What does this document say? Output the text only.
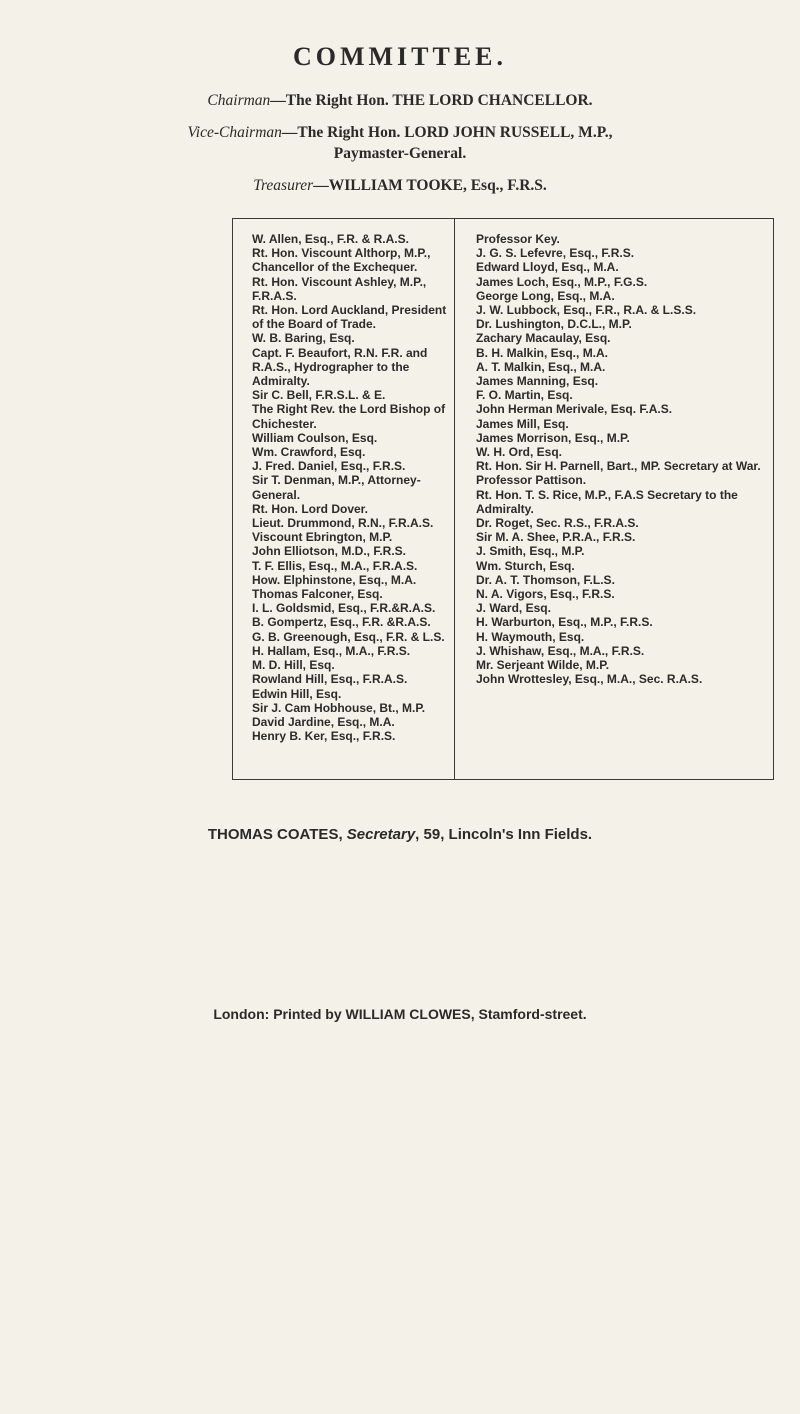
COMMITTEE.
Chairman—The Right Hon. THE LORD CHANCELLOR.
Vice-Chairman—The Right Hon. LORD JOHN RUSSELL, M.P.,
Paymaster-General.
Treasurer—WILLIAM TOOKE, Esq., F.R.S.

W. Allen, Esq., F.R. & R.A.S.

Rt. Hon. Viscount Althorp, M.P., Chancellor of the Exchequer.

Rt. Hon. Viscount Ashley, M.P., F.R.A.S.

Rt. Hon. Lord Auckland, President of the Board of Trade.

W. B. Baring, Esq.

Capt. F. Beaufort, R.N. F.R. and R.A.S., Hydrographer to the Admiralty.

Sir C. Bell, F.R.S.L. & E.

The Right Rev. the Lord Bishop of Chichester.

William Coulson, Esq.

Wm. Crawford, Esq.

J. Fred. Daniel, Esq., F.R.S.

Sir T. Denman, M.P., Attorney-General.

Rt. Hon. Lord Dover.

Lieut. Drummond, R.N., F.R.A.S.

Viscount Ebrington, M.P.

John Elliotson, M.D., F.R.S.

T. F. Ellis, Esq., M.A., F.R.A.S.

How. Elphinstone, Esq., M.A.

Thomas Falconer, Esq.

I. L. Goldsmid, Esq., F.R.&R.A.S.

B. Gompertz, Esq., F.R. &R.A.S.

G. B. Greenough, Esq., F.R. & L.S.

H. Hallam, Esq., M.A., F.R.S.

M. D. Hill, Esq.

Rowland Hill, Esq., F.R.A.S.

Edwin Hill, Esq.

Sir J. Cam Hobhouse, Bt., M.P.

David Jardine, Esq., M.A.

Henry B. Ker, Esq., F.R.S.

Professor Key.

J. G. S. Lefevre, Esq., F.R.S.

Edward Lloyd, Esq., M.A.

James Loch, Esq., M.P., F.G.S.

George Long, Esq., M.A.

J. W. Lubbock, Esq., F.R., R.A. & L.S.S.

Dr. Lushington, D.C.L., M.P.

Zachary Macaulay, Esq.

B. H. Malkin, Esq., M.A.

A. T. Malkin, Esq., M.A.

James Manning, Esq.

F. O. Martin, Esq.

John Herman Merivale, Esq. F.A.S.

James Mill, Esq.

James Morrison, Esq., M.P.

W. H. Ord, Esq.

Rt. Hon. Sir H. Parnell, Bart., MP. Secretary at War.

Professor Pattison.

Rt. Hon. T. S. Rice, M.P., F.A.S Secretary to the Admiralty.

Dr. Roget, Sec. R.S., F.R.A.S.

Sir M. A. Shee, P.R.A., F.R.S.

J. Smith, Esq., M.P.

Wm. Sturch, Esq.

Dr. A. T. Thomson, F.L.S.

N. A. Vigors, Esq., F.R.S.

J. Ward, Esq.

H. Warburton, Esq., M.P., F.R.S.

H. Waymouth, Esq.

J. Whishaw, Esq., M.A., F.R.S.

Mr. Serjeant Wilde, M.P.

John Wrottesley, Esq., M.A., Sec. R.A.S.

THOMAS COATES, Secretary, 59, Lincoln's Inn Fields.
London: Printed by WILLIAM CLOWES, Stamford-street.
